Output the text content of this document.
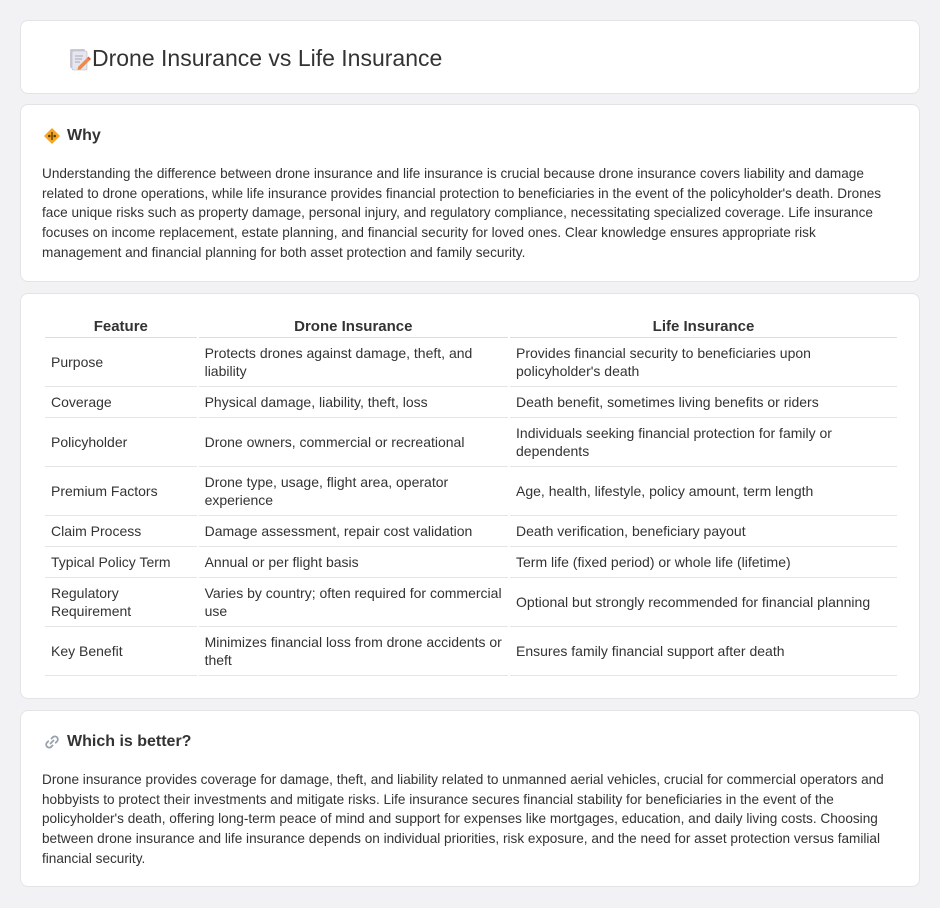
Drone Insurance vs Life Insurance
Why

Understanding the difference between drone insurance and life insurance is crucial because drone insurance covers liability and damage related to drone operations, while life insurance provides financial protection to beneficiaries in the event of the policyholder's death. Drones face unique risks such as property damage, personal injury, and regulatory compliance, necessitating specialized coverage. Life insurance focuses on income replacement, estate planning, and financial security for loved ones. Clear knowledge ensures appropriate risk management and financial planning for both asset protection and family security.

Feature	Drone Insurance	Life Insurance
Purpose	Protects drones against damage, theft, and liability	Provides financial security to beneficiaries upon policyholder's death
Coverage	Physical damage, liability, theft, loss	Death benefit, sometimes living benefits or riders
Policyholder	Drone owners, commercial or recreational	Individuals seeking financial protection for family or dependents
Premium Factors	Drone type, usage, flight area, operator experience	Age, health, lifestyle, policy amount, term length
Claim Process	Damage assessment, repair cost validation	Death verification, beneficiary payout
Typical Policy Term	Annual or per flight basis	Term life (fixed period) or whole life (lifetime)
Regulatory Requirement	Varies by country; often required for commercial use	Optional but strongly recommended for financial planning
Key Benefit	Minimizes financial loss from drone accidents or theft	Ensures family financial support after death
Which is better?

Drone insurance provides coverage for damage, theft, and liability related to unmanned aerial vehicles, crucial for commercial operators and hobbyists to protect their investments and mitigate risks. Life insurance secures financial stability for beneficiaries in the event of the policyholder's death, offering long-term peace of mind and support for expenses like mortgages, education, and daily living costs. Choosing between drone insurance and life insurance depends on individual priorities, risk exposure, and the need for asset protection versus familial financial security.
